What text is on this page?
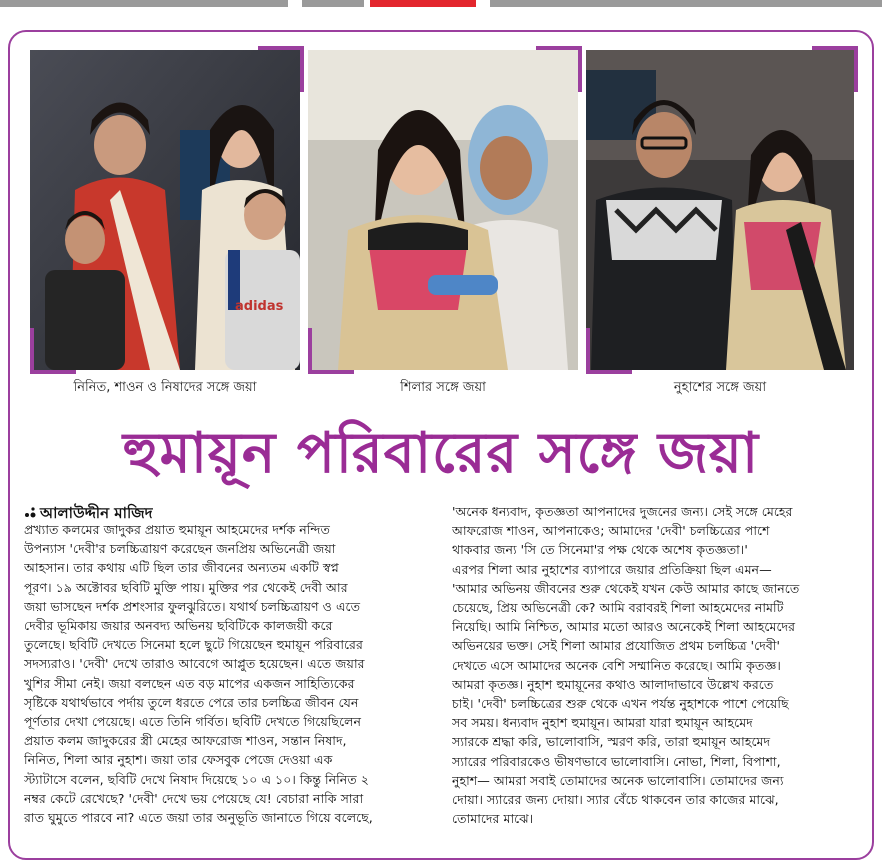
adidas
নিনিত, শাওন ও নিষাদের সঙ্গে জয়া	শিলার সঙ্গে জয়া	নুহাশের সঙ্গে জয়া
হুমায়ূন পরিবারের সঙ্গে জয়া
আলাউদ্দীন মাজিদ
প্রখ্যাত কলমের জাদুকর প্রয়াত হুমায়ূন আহমেদের দর্শক নন্দিত
উপন্যাস 'দেবী'র চলচ্চিত্রায়ণ করেছেন জনপ্রিয় অভিনেত্রী জয়া
আহসান। তার কথায় এটি ছিল তার জীবনের অন্যতম একটি স্বপ্ন
পূরণ। ১৯ অক্টোবর ছবিটি মুক্তি পায়। মুক্তির পর থেকেই দেবী আর
জয়া ভাসছেন দর্শক প্রশংসার ফুলঝুরিতে। যথার্থ চলচ্চিত্রায়ণ ও এতে
দেবীর ভূমিকায় জয়ার অনবদ্য অভিনয় ছবিটিকে কালজয়ী করে
তুলেছে। ছবিটি দেখতে সিনেমা হলে ছুটে গিয়েছেন হুমায়ূন পরিবারের
সদস্যরাও। 'দেবী' দেখে তারাও আবেগে আপ্লুত হয়েছেন। এতে জয়ার
খুশির সীমা নেই। জয়া বলছেন এত বড় মাপের একজন সাহিত্যিকের
সৃষ্টিকে যথার্থভাবে পর্দায় তুলে ধরতে পেরে তার চলচ্চিত্র জীবন যেন
পূর্ণতার দেখা পেয়েছে। এতে তিনি গর্বিত। ছবিটি দেখতে গিয়েছিলেন
প্রয়াত কলম জাদুকরের স্ত্রী মেহের আফরোজ শাওন, সন্তান নিষাদ,
নিনিত, শিলা আর নুহাশ। জয়া তার ফেসবুক পেজে দেওয়া এক
স্ট্যাটাসে বলেন, ছবিটি দেখে নিষাদ দিয়েছে ১০ এ ১০। কিন্তু নিনিত ২
নম্বর কেটে রেখেছে? 'দেবী' দেখে ভয় পেয়েছে যে! বেচারা নাকি সারা
রাত ঘুমুতে পারবে না? এতে জয়া তার অনুভূতি জানাতে গিয়ে বলেছে,
'অনেক ধন্যবাদ, কৃতজ্ঞতা আপনাদের দুজনের জন্য। সেই সঙ্গে মেহের
আফরোজ শাওন, আপনাকেও; আমাদের 'দেবী' চলচ্চিত্রের পাশে
থাকবার জন্য 'সি তে সিনেমা'র পক্ষ থেকে অশেষ কৃতজ্ঞতা।'
এরপর শিলা আর নুহাশের ব্যাপারে জয়ার প্রতিক্রিয়া ছিল এমন—
'আমার অভিনয় জীবনের শুরু থেকেই যখন কেউ আমার কাছে জানতে
চেয়েছে, প্রিয় অভিনেত্রী কে? আমি বরাবরই শিলা আহমেদের নামটি
নিয়েছি। আমি নিশ্চিত, আমার মতো আরও অনেকেই শিলা আহমেদের
অভিনয়ের ভক্ত। সেই শিলা আমার প্রযোজিত প্রথম চলচ্চিত্র 'দেবী'
দেখতে এসে আমাদের অনেক বেশি সম্মানিত করেছে। আমি কৃতজ্ঞ।
আমরা কৃতজ্ঞ। নুহাশ হুমায়ূনের কথাও আলাদাভাবে উল্লেখ করতে
চাই। 'দেবী' চলচ্চিত্রের শুরু থেকে এখন পর্যন্ত নুহাশকে পাশে পেয়েছি
সব সময়। ধন্যবাদ নুহাশ হুমায়ূন। আমরা যারা হুমায়ূন আহমেদ
স্যারকে শ্রদ্ধা করি, ভালোবাসি, স্মরণ করি, তারা হুমায়ূন আহমেদ
স্যারের পরিবারকেও ভীষণভাবে ভালোবাসি। নোভা, শিলা, বিপাশা,
নুহাশ— আমরা সবাই তোমাদের অনেক ভালোবাসি। তোমাদের জন্য
দোয়া। স্যারের জন্য দোয়া। স্যার বেঁচে থাকবেন তার কাজের মাঝে,
তোমাদের মাঝে।
